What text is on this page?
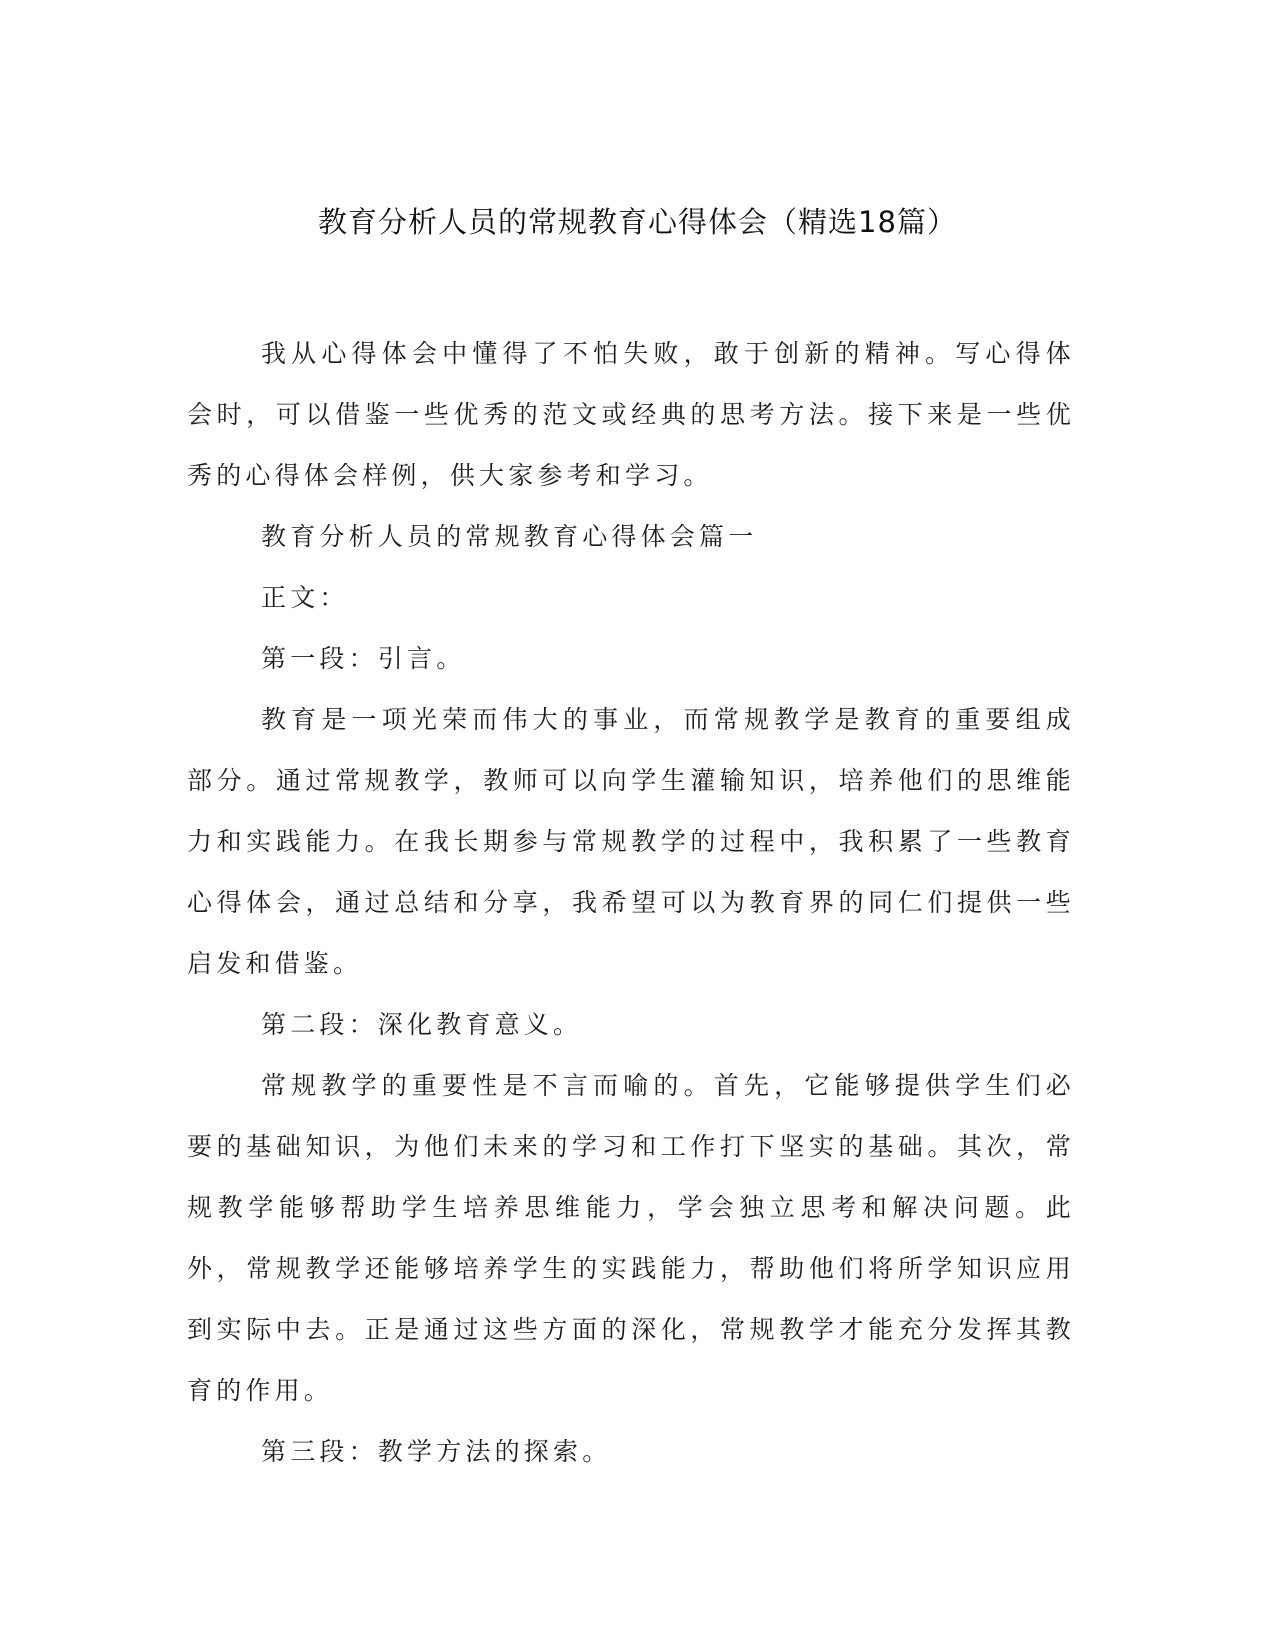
教育分析人员的常规教育心得体会（精选18篇）

我从心得体会中懂得了不怕失败，敢于创新的精神。写心得体会时，可以借鉴一些优秀的范文或经典的思考方法。接下来是一些优秀的心得体会样例，供大家参考和学习。

教育分析人员的常规教育心得体会篇一

正文：

第一段：引言。

教育是一项光荣而伟大的事业，而常规教学是教育的重要组成部分。通过常规教学，教师可以向学生灌输知识，培养他们的思维能力和实践能力。在我长期参与常规教学的过程中，我积累了一些教育心得体会，通过总结和分享，我希望可以为教育界的同仁们提供一些启发和借鉴。

第二段：深化教育意义。

常规教学的重要性是不言而喻的。首先，它能够提供学生们必要的基础知识，为他们未来的学习和工作打下坚实的基础。其次，常规教学能够帮助学生培养思维能力，学会独立思考和解决问题。此外，常规教学还能够培养学生的实践能力，帮助他们将所学知识应用到实际中去。正是通过这些方面的深化，常规教学才能充分发挥其教育的作用。

第三段：教学方法的探索。
